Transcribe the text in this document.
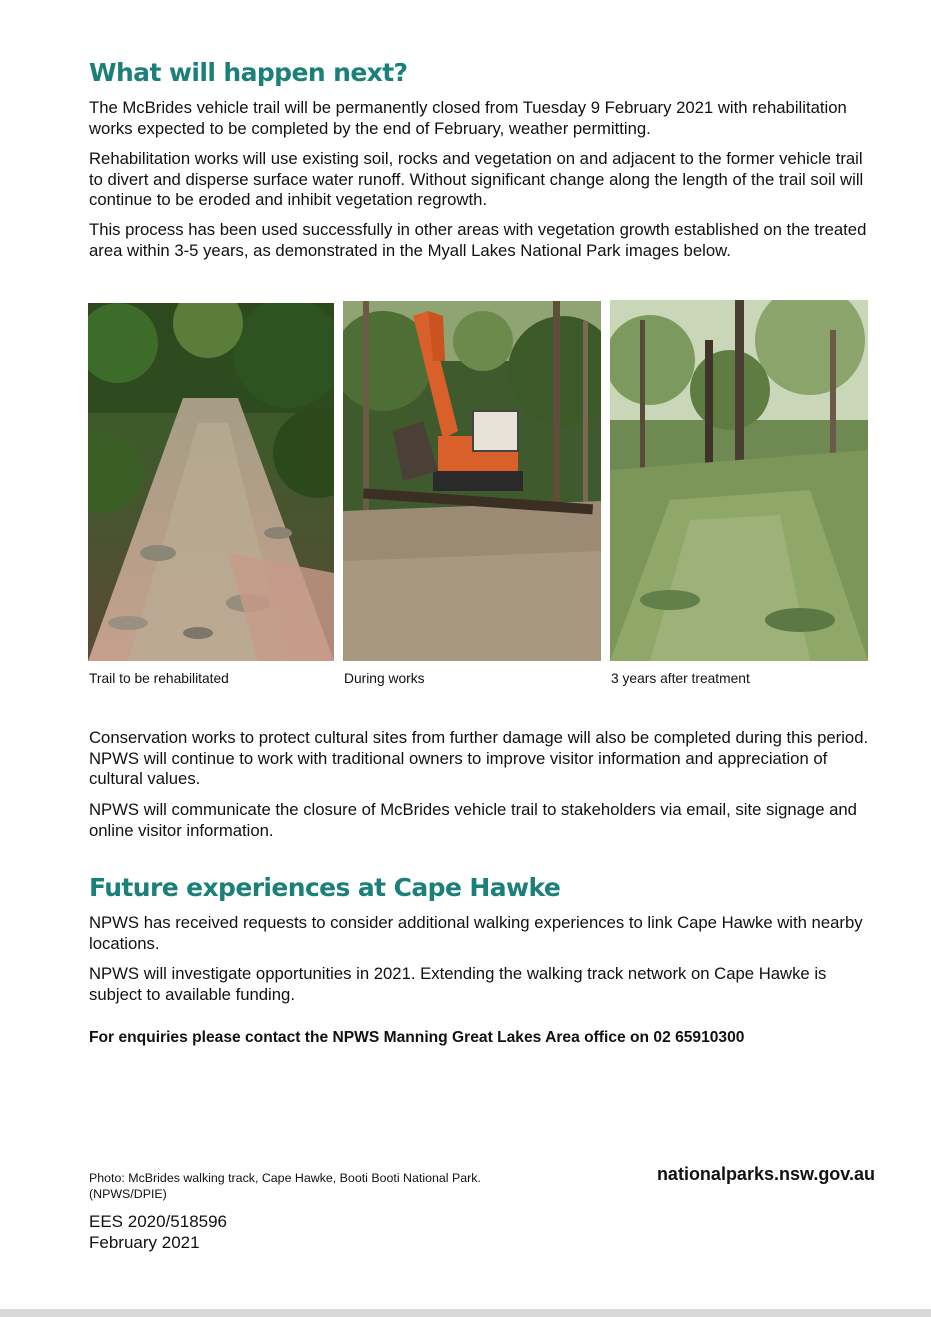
What will happen next?

The McBrides vehicle trail will be permanently closed from Tuesday 9 February 2021 with rehabilitation works expected to be completed by the end of February, weather permitting.

Rehabilitation works will use existing soil, rocks and vegetation on and adjacent to the former vehicle trail to divert and disperse surface water runoff. Without significant change along the length of the trail soil will continue to be eroded and inhibit vegetation regrowth.

This process has been used successfully in other areas with vegetation growth established on the treated area within 3-5 years, as demonstrated in the Myall Lakes National Park images below.

Trail to be rehabilitated	During works	3 years after treatment

Conservation works to protect cultural sites from further damage will also be completed during this period. NPWS will continue to work with traditional owners to improve visitor information and appreciation of cultural values.

NPWS will communicate the closure of McBrides vehicle trail to stakeholders via email, site signage and online visitor information.

Future experiences at Cape Hawke

NPWS has received requests to consider additional walking experiences to link Cape Hawke with nearby locations.

NPWS will investigate opportunities in 2021. Extending the walking track network on Cape Hawke is subject to available funding.

For enquiries please contact the NPWS Manning Great Lakes Area office on 02 65910300

Photo: McBrides walking track, Cape Hawke, Booti Booti National Park. (NPWS/DPIE)

nationalparks.nsw.gov.au

EES 2020/518596
February 2021
